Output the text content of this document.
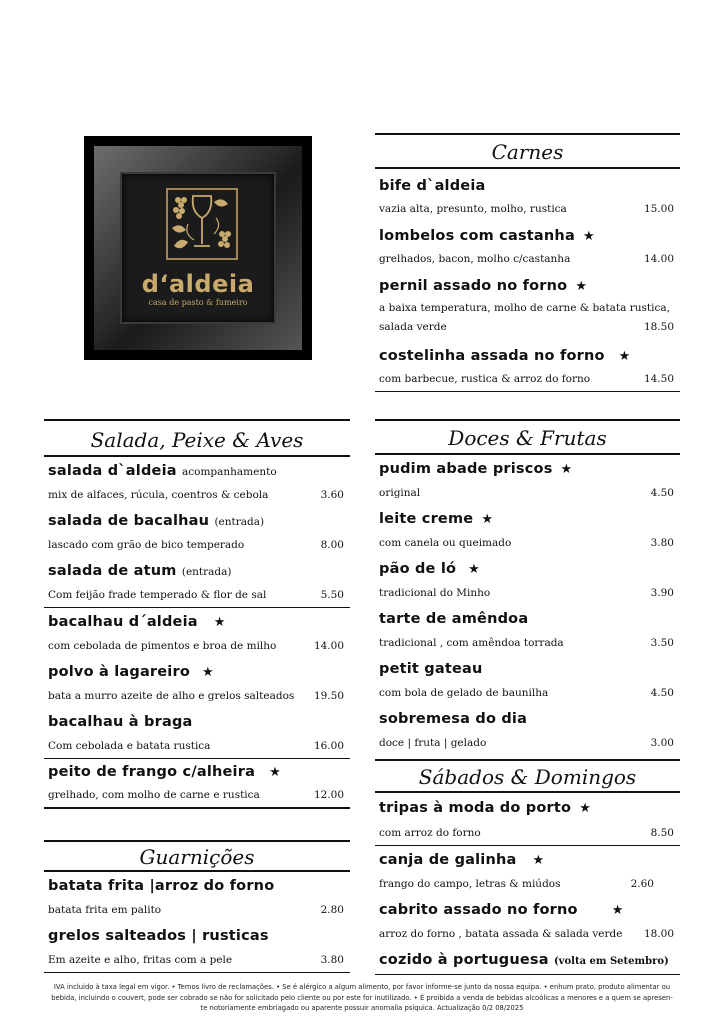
d‘aldeia
casa de pasto & fumeiro
Carnes
bife d`aldeia
vazia alta, presunto, molho, rustica	15.00
lombelos com castanha ★
grelhados, bacon, molho c/castanha	14.00
pernil assado no forno ★
a baixa temperatura, molho de carne & batata rustica,
salada verde	18.50
costelinha assada no forno ★
com barbecue, rustica & arroz do forno	14.50
Salada, Peixe & Aves
salada d`aldeia acompanhamento
mix de alfaces, rúcula, coentros & cebola	3.60
salada de bacalhau (entrada)
lascado com grão de bico temperado	8.00
salada de atum (entrada)
Com feijão frade temperado & flor de sal	5.50
bacalhau d´aldeia ★
com cebolada de pimentos e broa de milho	14.00
polvo à lagareiro ★
bata a murro azeite de alho e grelos salteados 19.50
bacalhau à braga
Com cebolada e batata rustica	16.00
peito de frango c/alheira ★
grelhado, com molho de carne e rustica	12.00
Guarnições
batata frita |arroz do forno
batata frita em palito	2.80
grelos salteados | rusticas
Em azeite e alho, fritas com a pele	3.80
Doces & Frutas
pudim abade priscos ★
original	4.50
leite creme ★
com canela ou queimado	3.80
pão de ló ★
tradicional do Minho	3.90
tarte de amêndoa
tradicional , com amêndoa torrada	3.50
petit gateau
com bola de gelado de baunilha	4.50
sobremesa do dia
doce | fruta | gelado	3.00
Sábados & Domingos
tripas à moda do porto ★
com arroz do forno	8.50
canja de galinha ★
frango do campo, letras & miúdos	2.60
cabrito assado no forno	★
arroz do forno , batata assada & salada verde 18.00
cozido à portuguesa (volta em Setembro)
IVA incluido à taxa legal em vigor. • Temos livro de reclamações. • Se é alérgico a algum alimento, por favor informe-se junto da nossa equipa. • enhum prato, produto alimentar ou
bebida, incluindo o couvert, pode ser cobrado se não for solicitado pelo cliente ou por este for inutilizado. • É proibida a venda de bebidas alcoólicas a menores e a quem se apresen-
te notoriamente embriagado ou aparente possuir anomalia psíquica. Actualização 0/2 08/2025
